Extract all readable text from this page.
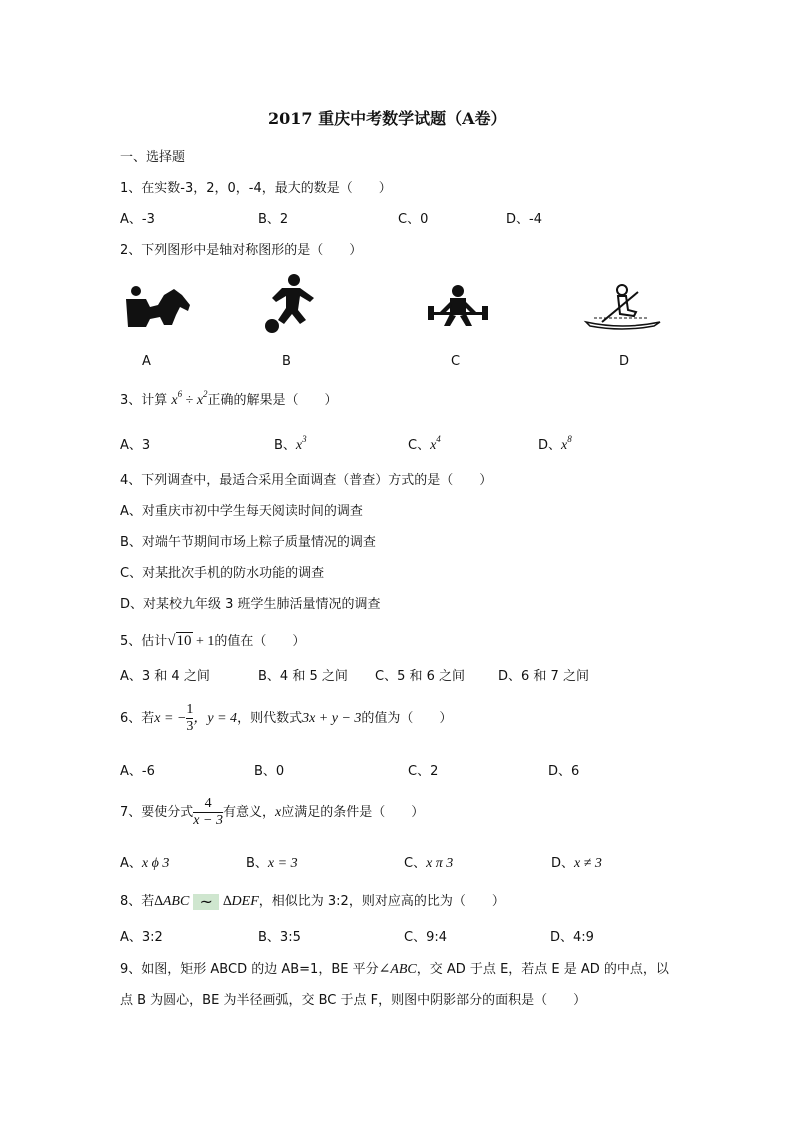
2017 重庆中考数学试题（A卷）
一、选择题
1、在实数-3，2，0，-4，最大的数是（　　）
A、-3	B、2	C、0	D、-4
2、下列图形中是轴对称图形的是（　　）
A	B	C	D
3、计算 $x^6 \div x^2$正确的解果是（　　）
A、3	B、$x^3$	C、$x^4$	D、$x^8$
4、下列调查中，最适合采用全面调查（普查）方式的是（　　）
A、对重庆市初中学生每天阅读时间的调查
B、对端午节期间市场上粽子质量情况的调查
C、对某批次手机的防水功能的调查
D、对某校九年级 3 班学生肺活量情况的调查
5、估计√10 + 1的值在（　　）
A、3 和 4 之间	B、4 和 5 之间 C、5 和 6 之间	D、6 和 7 之间
6、若x = − $\frac{1}{3}$ ，y = 4，则代数式3x + y − 3的值为（　　）
A、-6	B、0	C、2	D、6
7、要使分式 $\frac{4}{x - 3}$ 有意义，x应满足的条件是（　　）
A、x ϕ 3	B、x = 3	C、x π 3	D、x ≠ 3
8、若∆ABC ~ ∆DEF，相似比为 3:2，则对应高的比为（　　）
A、3:2	B、3:5	C、9:4	D、4:9
9、如图，矩形 ABCD 的边 AB=1，BE 平分∠ABC，交 AD 于点 E，若点 E 是 AD 的中点，以
点 B 为圆心，BE 为半径画弧，交 BC 于点 F，则图中阴影部分的面积是（　　）
